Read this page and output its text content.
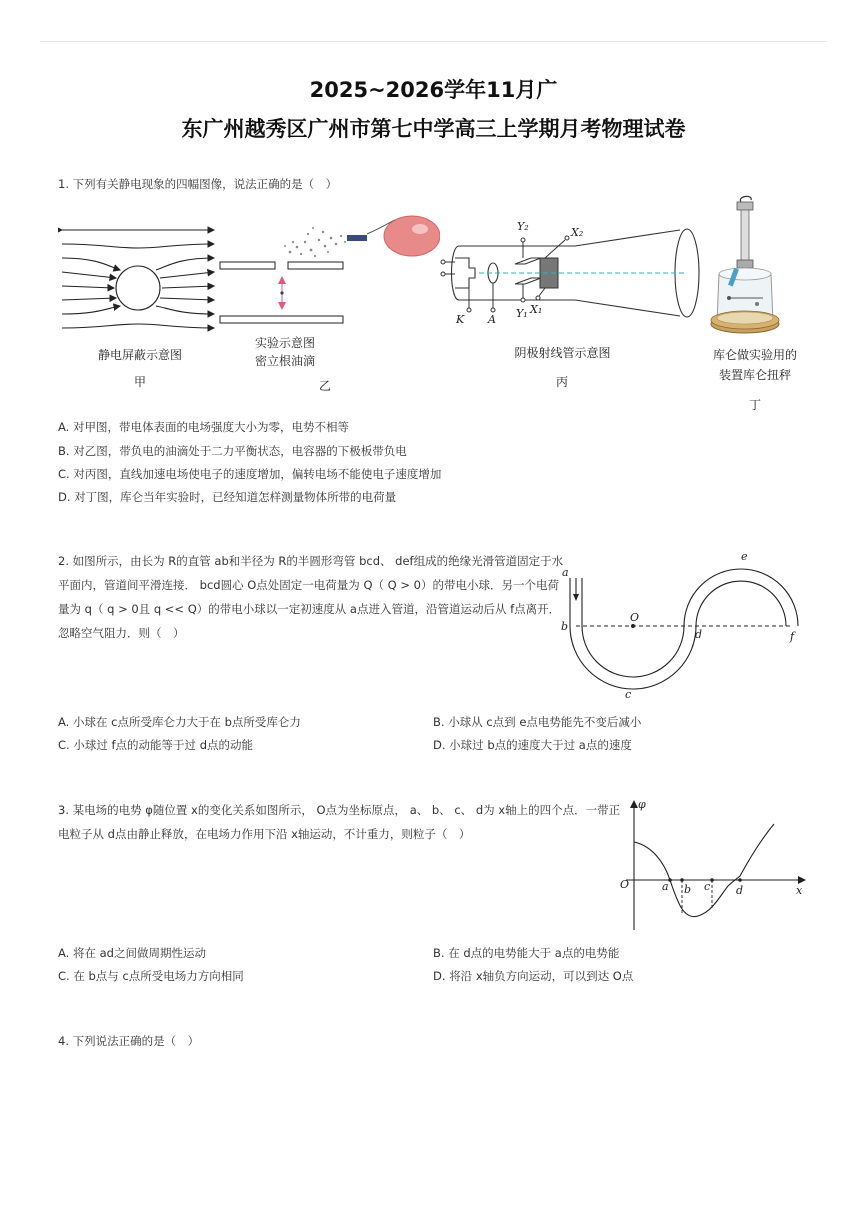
2025~2026学年11月广
东广州越秀区广州市第七中学高三上学期月考物理试卷
1. 下列有关静电现象的四幅图像，说法正确的是（　）
静电屏蔽示意图
甲
实验示意图
密立根油滴
乙
Y₂	X₂
K A Y₁ X₁
阴极射线管示意图
丙
库仑做实验用的
装置库仑扭秤
丁
A. 对甲图，带电体表面的电场强度大小为零，电势不相等
B. 对乙图，带负电的油滴处于二力平衡状态，电容器的下极板带负电
C. 对丙图，直线加速电场使电子的速度增加，偏转电场不能使电子速度增加
D. 对丁图，库仑当年实验时，已经知道怎样测量物体所带的电荷量
2. 如图所示，由长为 R的直管 ab和半径为 R的半圆形弯管 bcd、 def组成的绝缘光滑管道固定于水
平面内，管道间平滑连接． bcd圆心 O点处固定一电荷量为 Q（ Q > 0）的带电小球．另一个电荷
量为 q（ q > 0且 q << Q）的带电小球以一定初速度从 a点进入管道，沿管道运动后从 f点离开．
忽略空气阻力．则（　）
a
b
c
d
e
f
O
A. 小球在 c点所受库仑力大于在 b点所受库仑力	B. 小球从 c点到 e点电势能先不变后减小
C. 小球过 f点的动能等于过 d点的动能	D. 小球过 b点的速度大于过 a点的速度
3. 某电场的电势 φ随位置 x的变化关系如图所示， O点为坐标原点， a、 b、 c、 d为 x轴上的四个点．一带正
电粒子从 d点由静止释放，在电场力作用下沿 x轴运动，不计重力，则粒子（　）
φ
O	x
a b c d
A. 将在 ad之间做周期性运动	B. 在 d点的电势能大于 a点的电势能
C. 在 b点与 c点所受电场力方向相同	D. 将沿 x轴负方向运动，可以到达 O点
4. 下列说法正确的是（　）
